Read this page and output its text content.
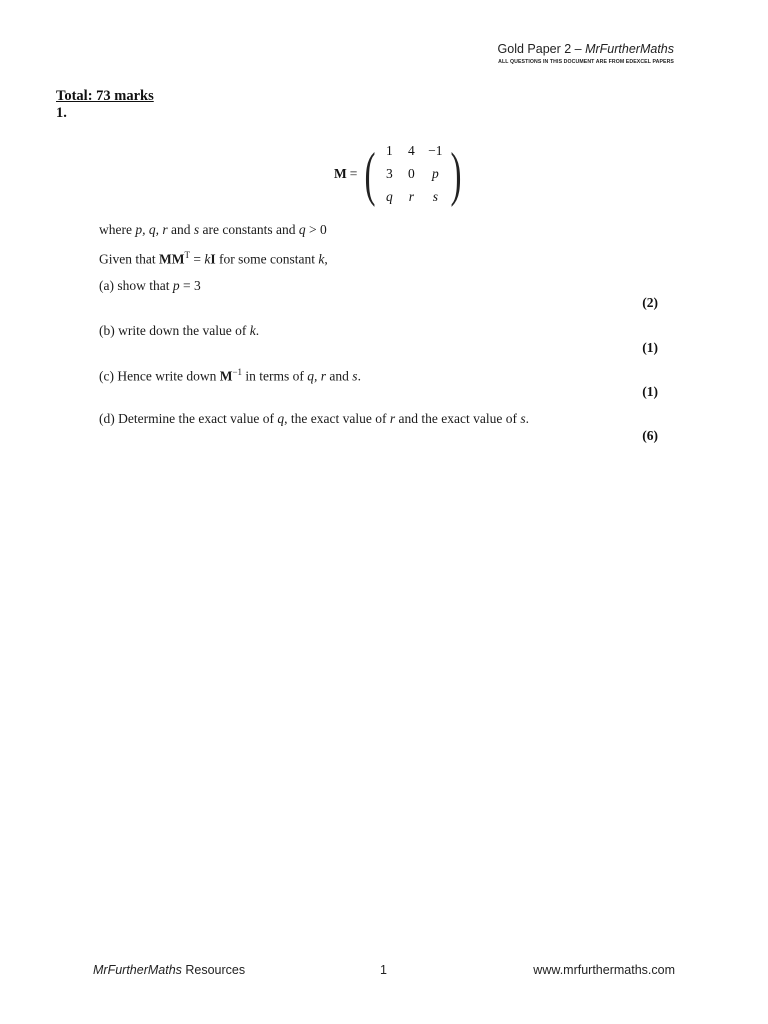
Gold Paper 2 – MrFurtherMaths
ALL QUESTIONS IN THIS DOCUMENT ARE FROM EDEXCEL PAPERS
Total: 73 marks
1.
M = ( 1	4 −1
3	0	p
q	r	s )
where p, q, r and s are constants and q > 0
Given that $MM^T$ = kI for some constant k,
(a) show that p = 3
(2)
(b) write down the value of k.
(1)
(c) Hence write down $M^{-1}$ in terms of q, r and s.
(1)
(d) Determine the exact value of q, the exact value of r and the exact value of s.
(6)
MrFurtherMaths Resources	1	www.mrfurthermaths.com
